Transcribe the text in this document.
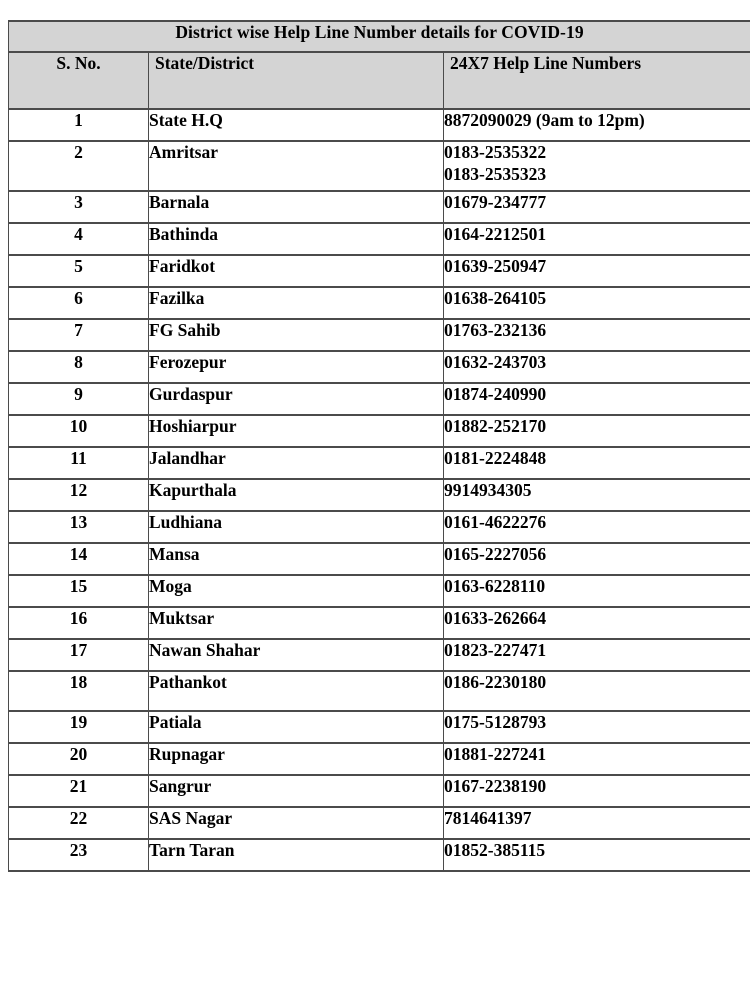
District wise Help Line Number details for COVID-19		
S. No.	State/District	24X7 Help Line Numbers
1	State H.Q	8872090029 (9am to 12pm)

2	Amritsar	0183-2535322
0183-2535323

3	Barnala	01679-234777

4	Bathinda	0164-2212501

5	Faridkot	01639-250947

6	Fazilka	01638-264105

7	FG Sahib	01763-232136

8	Ferozepur	01632-243703

9	Gurdaspur	01874-240990

10	Hoshiarpur	01882-252170

11	Jalandhar	0181-2224848

12	Kapurthala	9914934305

13	Ludhiana	0161-4622276

14	Mansa	0165-2227056

15	Moga	0163-6228110

16	Muktsar	01633-262664

17	Nawan Shahar	01823-227471

18	Pathankot	0186-2230180

19	Patiala	0175-5128793

20	Rupnagar	01881-227241

21	Sangrur	0167-2238190

22	SAS Nagar	7814641397

23	Tarn Taran	01852-385115
